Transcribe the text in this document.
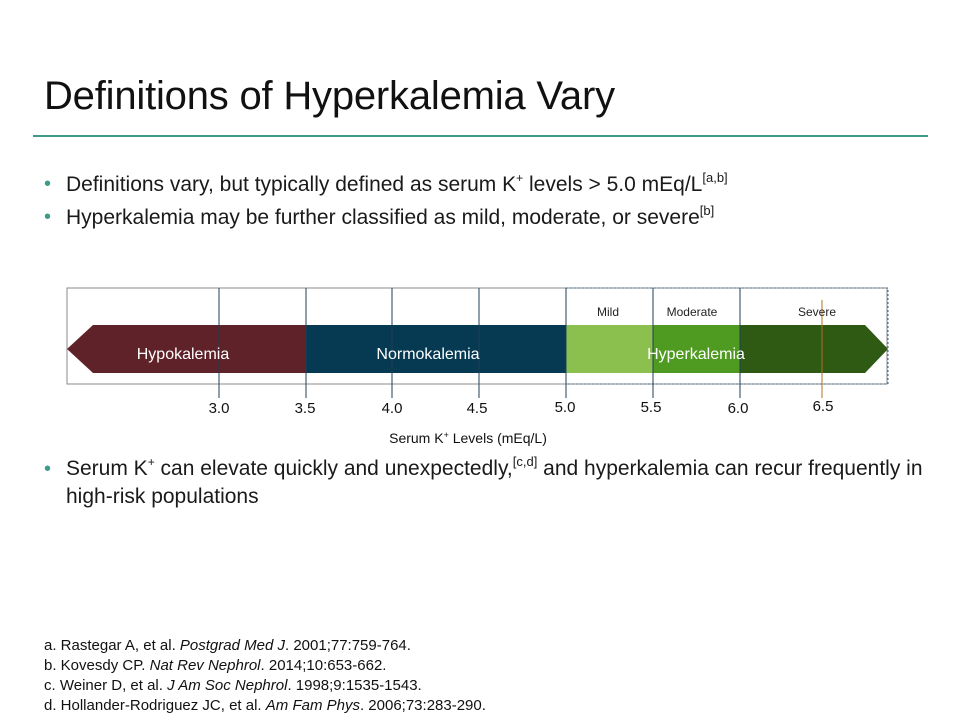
Definitions of Hyperkalemia Vary
• Definitions vary, but typically defined as serum K+ levels > 5.0 mEq/L[a,b]
• Hyperkalemia may be further classified as mild, moderate, or severe[b]
Mild	Moderate	Severe
Hypokalemia	Normokalemia	Hyperkalemia
3.0	3.5	4.0	4.5	5.0	5.5	6.0	6.5
Serum K+ Levels (mEq/L)
• Serum K+ can elevate quickly and unexpectedly,[c,d] and hyperkalemia can recur frequently in high-risk populations
a. Rastegar A, et al. Postgrad Med J. 2001;77:759-764.
b. Kovesdy CP. Nat Rev Nephrol. 2014;10:653-662.
c. Weiner D, et al. J Am Soc Nephrol. 1998;9:1535-1543.
d. Hollander-Rodriguez JC, et al. Am Fam Phys. 2006;73:283-290.
